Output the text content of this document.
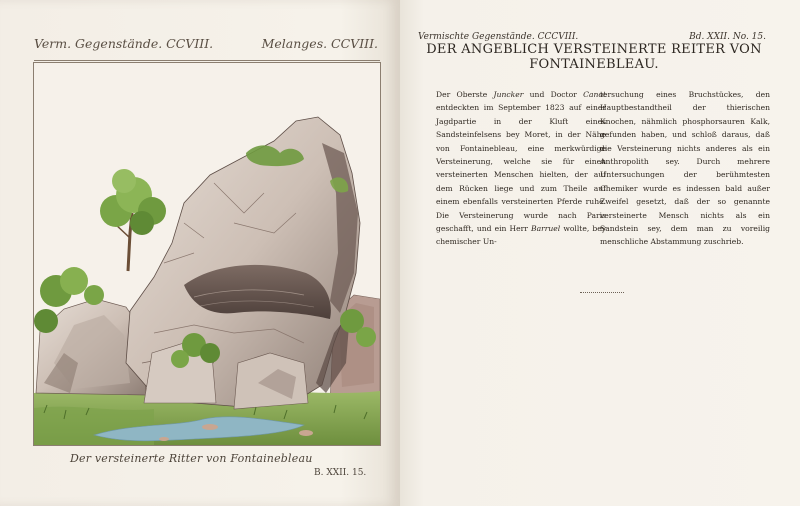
Verm. Gegenstände. CCVIII.	Melanges. CCVIII.
Der versteinerte Ritter von Fontainebleau
B. XXII. 15.
Vermischte Gegenstände. CCCVIII.	Bd. XXII. No. 15.
DER ANGEBLICH VERSTEINERTE REITER VON FONTAINEBLEAU.
Der Oberste Juncker und Doctor Canot entdeckten im September 1823 auf einer Jagdpartie in der Kluft eines Sandsteinfelsens bey Moret, in der Nähe von Fontainebleau, eine merkwürdige Versteinerung, welche sie für einen versteinerten Menschen hielten, der auf dem Rücken liege und zum Theile auf einem ebenfalls versteinerten Pferde ruhe. Die Versteinerung wurde nach Paris geschafft, und ein Herr Barruel wollte, bey chemischer Un-
tersuchung eines Bruchstückes, den Hauptbestandtheil der thierischen Knochen, nähmlich phosphorsauren Kalk, gefunden haben, und schloß daraus, daß die Versteinerung nichts anderes als ein Anthropolith sey. Durch mehrere Untersuchungen der berühmtesten Chemiker wurde es indessen bald außer Zweifel gesetzt, daß der so genannte versteinerte Mensch nichts als ein Sandstein sey, dem man zu voreilig menschliche Abstammung zuschrieb.
